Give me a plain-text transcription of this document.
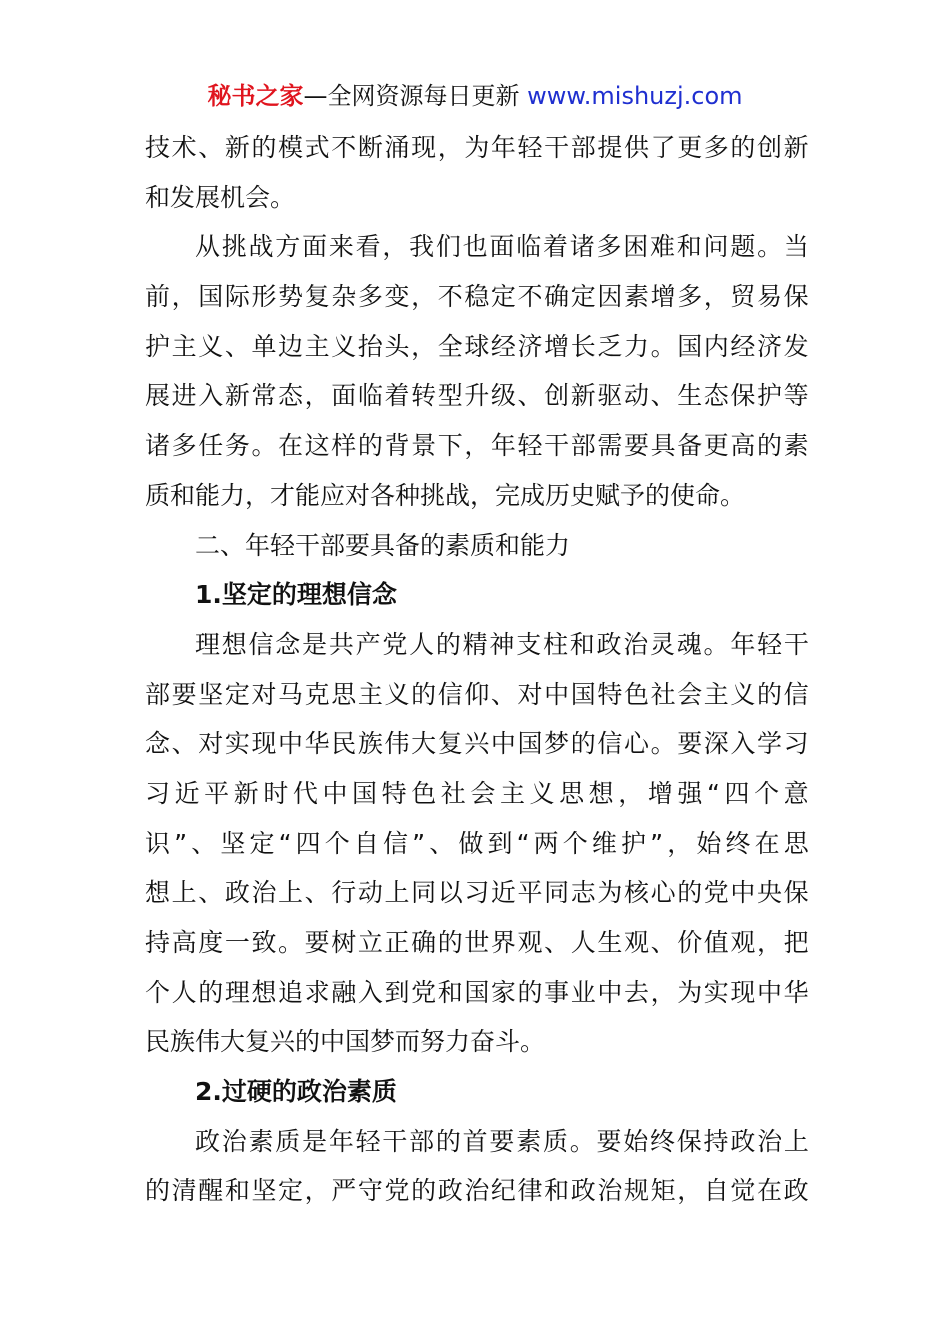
秘书之家—全网资源每日更新 www.mishuzj.com
技 术 、 新 的 模 式 不 断 涌 现 ， 为 年 轻 干 部 提 供 了 更 多 的 创 新
和发展机会。
从 挑 战 方 面 来 看 ， 我 们 也 面 临 着 诸 多 困 难 和 问 题 。 当
前 ， 国 际 形 势 复 杂 多 变 ， 不 稳 定 不 确 定 因 素 增 多 ， 贸 易 保
护 主 义 、 单 边 主 义 抬 头 ， 全 球 经 济 增 长 乏 力 。 国 内 经 济 发
展 进 入 新 常 态 ， 面 临 着 转 型 升 级 、 创 新 驱 动 、 生 态 保 护 等
诸 多 任 务 。 在 这 样 的 背 景 下 ， 年 轻 干 部 需 要 具 备 更 高 的 素
质和能力，才能应对各种挑战，完成历史赋予的使命。
二、年轻干部要具备的素质和能力
1.坚定的理想信念
理 想 信 念 是 共 产 党 人 的 精 神 支 柱 和 政 治 灵 魂 。 年 轻 干
部 要 坚 定 对 马 克 思 主 义 的 信 仰 、 对 中 国 特 色 社 会 主 义 的 信
念 、 对 实 现 中 华 民 族 伟 大 复 兴 中 国 梦 的 信 心 。 要 深 入 学 习
习 近 平 新 时 代 中 国 特 色 社 会 主 义 思 想 ， 增 强 “ 四 个 意
识 ” 、 坚 定 “ 四 个 自 信 ” 、 做 到 “ 两 个 维 护 ” ， 始 终 在 思
想 上 、 政 治 上 、 行 动 上 同 以 习 近 平 同 志 为 核 心 的 党 中 央 保
持 高 度 一 致 。 要 树 立 正 确 的 世 界 观 、 人 生 观 、 价 值 观 ， 把
个 人 的 理 想 追 求 融 入 到 党 和 国 家 的 事 业 中 去 ， 为 实 现 中 华
民族伟大复兴的中国梦而努力奋斗。
2.过硬的政治素质
政 治 素 质 是 年 轻 干 部 的 首 要 素 质 。 要 始 终 保 持 政 治 上
的 清 醒 和 坚 定 ， 严 守 党 的 政 治 纪 律 和 政 治 规 矩 ， 自 觉 在 政
